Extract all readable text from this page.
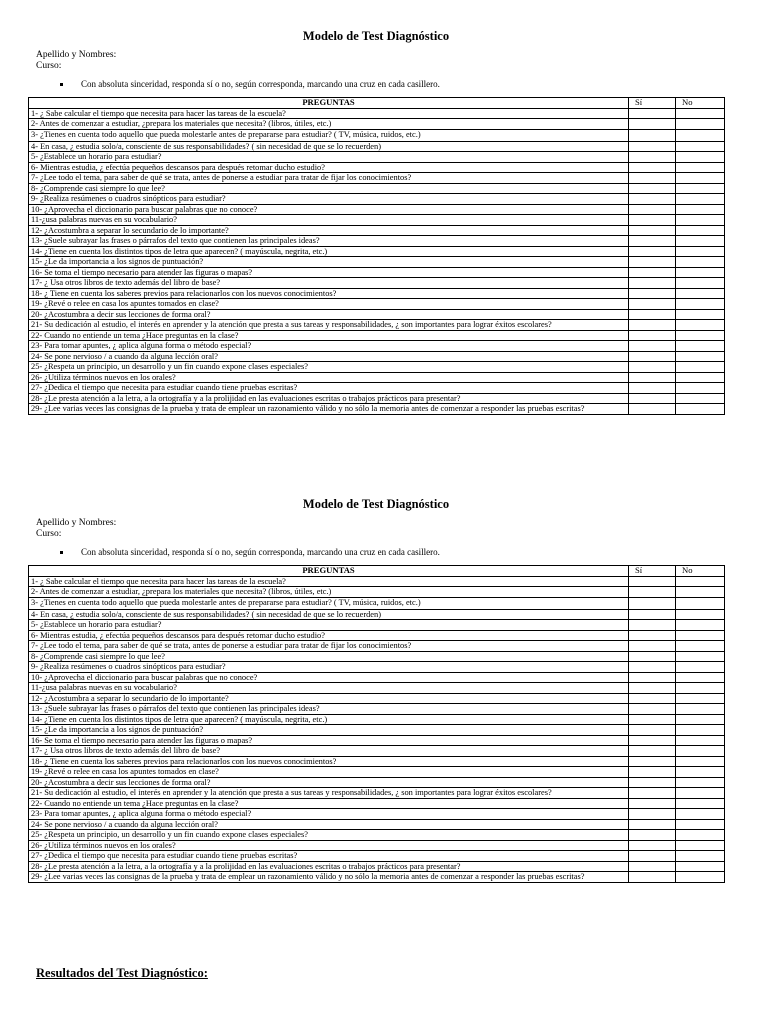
Modelo de Test Diagnóstico
Apellido y Nombres:
Curso:
Con absoluta sinceridad, responda sí o no, según corresponda, marcando una cruz en cada casillero.
PREGUNTAS	Sí	No
1- ¿ Sabe calcular el tiempo que necesita para hacer las tareas de la escuela?		
2- Antes de comenzar a estudiar, ¿prepara los materiales que necesita? (libros, útiles, etc.)		
3- ¿Tienes en cuenta todo aquello que pueda molestarle antes de prepararse para estudiar? ( TV, música, ruidos, etc.)		
4- En casa, ¿ estudia solo/a, consciente de sus responsabilidades? ( sin necesidad de que se lo recuerden)		
5- ¿Establece un horario para estudiar?		
6- Mientras estudia, ¿ efectúa pequeños descansos para después retomar ducho estudio?		
7- ¿Lee todo el tema, para saber de qué se trata, antes de ponerse a estudiar para tratar de fijar los conocimientos?		
8- ¿Comprende casi siempre lo que lee?		
9- ¿Realiza resúmenes o cuadros sinópticos para estudiar?		
10- ¿Aprovecha el diccionario para buscar palabras que no conoce?		
11-¿usa palabras nuevas en su vocabulario?		
12- ¿Acostumbra a separar lo secundario de lo importante?		
13- ¿Suele subrayar las frases o párrafos del texto que contienen las principales ideas?		
14- ¿Tiene en cuenta los distintos tipos de letra que aparecen? ( mayúscula, negrita, etc.)		
15- ¿Le da importancia a los signos de puntuación?		
16- Se toma el tiempo necesario para atender las figuras o mapas?		
17- ¿ Usa otros libros de texto además del libro de base?		
18- ¿ Tiene en cuenta los saberes previos para relacionarlos con los nuevos conocimientos?		
19- ¿Revé o relee en casa los apuntes tomados en clase?		
20- ¿Acostumbra a decir sus lecciones de forma oral?		
21- Su dedicación al estudio, el interés en aprender y la atención que presta a sus tareas y responsabilidades, ¿ son importantes para lograr éxitos escolares?		
22- Cuando no entiende un tema ¿Hace preguntas en la clase?		
23- Para tomar apuntes, ¿ aplica alguna forma o método especial?		
24- Se pone nervioso / a cuando da alguna lección oral?		
25- ¿Respeta un principio, un desarrollo y un fin cuando expone clases especiales?		
26- ¿Utiliza términos nuevos en los orales?		
27- ¿Dedica el tiempo que necesita para estudiar cuando tiene pruebas escritas?		
28- ¿Le presta atención a la letra, a la ortografía y a la prolijidad en las evaluaciones escritas o trabajos prácticos para presentar?		
29- ¿Lee varias veces las consignas de la prueba y trata de emplear un razonamiento válido y no sólo la memoria antes de comenzar a responder las pruebas escritas?		
Modelo de Test Diagnóstico
Apellido y Nombres:
Curso:
Con absoluta sinceridad, responda sí o no, según corresponda, marcando una cruz en cada casillero.
PREGUNTAS	Sí	No
1- ¿ Sabe calcular el tiempo que necesita para hacer las tareas de la escuela?		
2- Antes de comenzar a estudiar, ¿prepara los materiales que necesita? (libros, útiles, etc.)		
3- ¿Tienes en cuenta todo aquello que pueda molestarle antes de prepararse para estudiar? ( TV, música, ruidos, etc.)		
4- En casa, ¿ estudia solo/a, consciente de sus responsabilidades? ( sin necesidad de que se lo recuerden)		
5- ¿Establece un horario para estudiar?		
6- Mientras estudia, ¿ efectúa pequeños descansos para después retomar ducho estudio?		
7- ¿Lee todo el tema, para saber de qué se trata, antes de ponerse a estudiar para tratar de fijar los conocimientos?		
8- ¿Comprende casi siempre lo que lee?		
9- ¿Realiza resúmenes o cuadros sinópticos para estudiar?		
10- ¿Aprovecha el diccionario para buscar palabras que no conoce?		
11-¿usa palabras nuevas en su vocabulario?		
12- ¿Acostumbra a separar lo secundario de lo importante?		
13- ¿Suele subrayar las frases o párrafos del texto que contienen las principales ideas?		
14- ¿Tiene en cuenta los distintos tipos de letra que aparecen? ( mayúscula, negrita, etc.)		
15- ¿Le da importancia a los signos de puntuación?		
16- Se toma el tiempo necesario para atender las figuras o mapas?		
17- ¿ Usa otros libros de texto además del libro de base?		
18- ¿ Tiene en cuenta los saberes previos para relacionarlos con los nuevos conocimientos?		
19- ¿Revé o relee en casa los apuntes tomados en clase?		
20- ¿Acostumbra a decir sus lecciones de forma oral?		
21- Su dedicación al estudio, el interés en aprender y la atención que presta a sus tareas y responsabilidades, ¿ son importantes para lograr éxitos escolares?		
22- Cuando no entiende un tema ¿Hace preguntas en la clase?		
23- Para tomar apuntes, ¿ aplica alguna forma o método especial?		
24- Se pone nervioso / a cuando da alguna lección oral?		
25- ¿Respeta un principio, un desarrollo y un fin cuando expone clases especiales?		
26- ¿Utiliza términos nuevos en los orales?		
27- ¿Dedica el tiempo que necesita para estudiar cuando tiene pruebas escritas?		
28- ¿Le presta atención a la letra, a la ortografía y a la prolijidad en las evaluaciones escritas o trabajos prácticos para presentar?		
29- ¿Lee varias veces las consignas de la prueba y trata de emplear un razonamiento válido y no sólo la memoria antes de comenzar a responder las pruebas escritas?		
Resultados del Test Diagnóstico:
